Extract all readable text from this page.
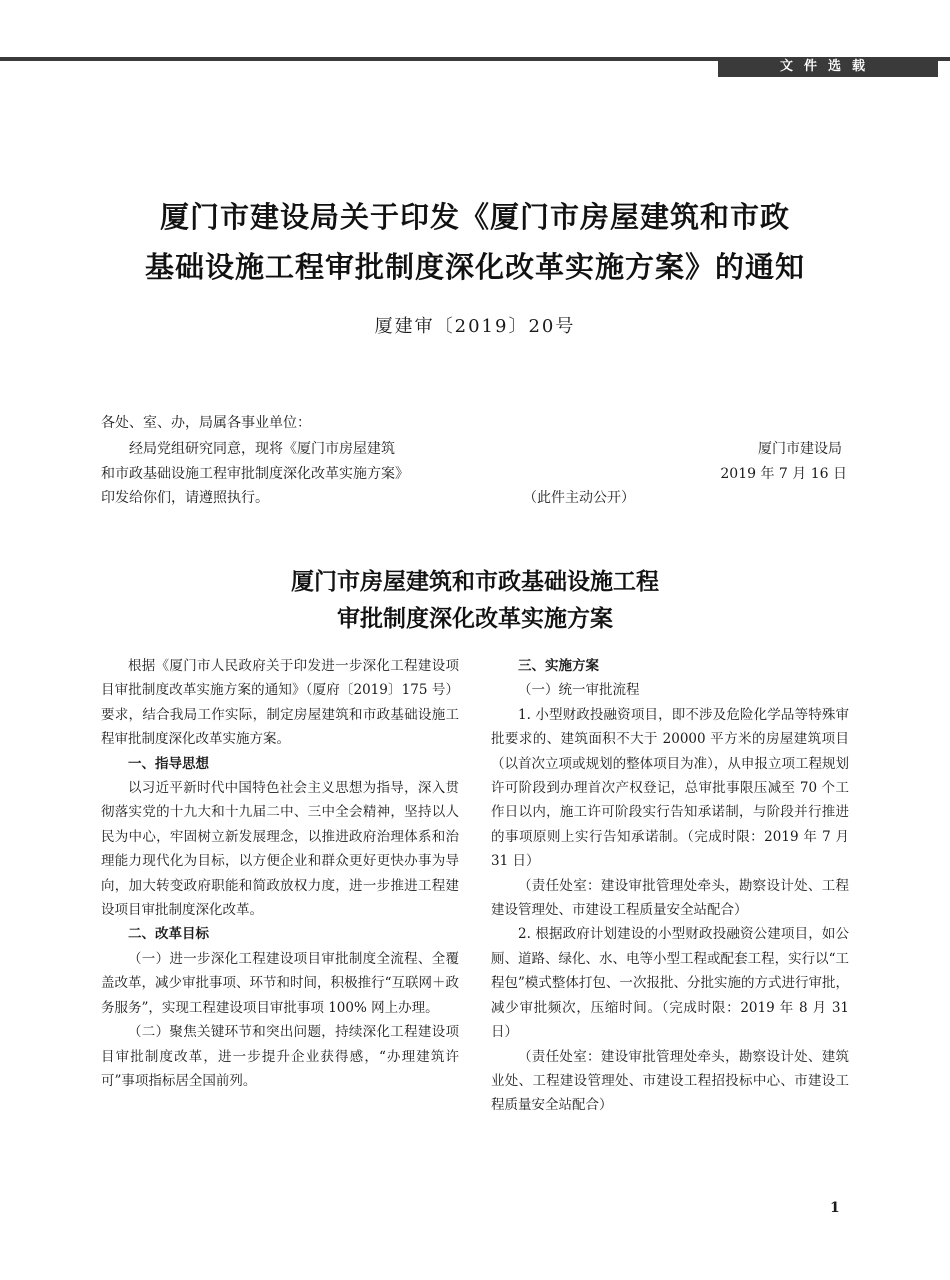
文件选载
厦门市建设局关于印发《厦门市房屋建筑和市政
基础设施工程审批制度深化改革实施方案》的通知
厦建审〔2019〕20号
各处、室、办，局属各事业单位：
经局党组研究同意，现将《厦门市房屋建筑
和市政基础设施工程审批制度深化改革实施方案》
印发给你们，请遵照执行。
厦门市建设局
2019 年 7 月 16 日
（此件主动公开）
厦门市房屋建筑和市政基础设施工程
审批制度深化改革实施方案

根据《厦门市人民政府关于印发进一步深化工程建设项目审批制度改革实施方案的通知》（厦府〔2019〕175 号）要求，结合我局工作实际，制定房屋建筑和市政基础设施工程审批制度深化改革实施方案。

一、指导思想

以习近平新时代中国特色社会主义思想为指导，深入贯彻落实党的十九大和十九届二中、三中全会精神，坚持以人民为中心，牢固树立新发展理念，以推进政府治理体系和治理能力现代化为目标，以方便企业和群众更好更快办事为导向，加大转变政府职能和简政放权力度，进一步推进工程建设项目审批制度深化改革。

二、改革目标

（一）进一步深化工程建设项目审批制度全流程、全覆盖改革，减少审批事项、环节和时间，积极推行“互联网＋政务服务”，实现工程建设项目审批事项 100% 网上办理。

（二）聚焦关键环节和突出问题，持续深化工程建设项目审批制度改革，进一步提升企业获得感，“办理建筑许可”事项指标居全国前列。

三、实施方案

（一）统一审批流程

1. 小型财政投融资项目，即不涉及危险化学品等特殊审批要求的、建筑面积不大于 20000 平方米的房屋建筑项目（以首次立项或规划的整体项目为准），从申报立项工程规划许可阶段到办理首次产权登记，总审批事限压减至 70 个工作日以内，施工许可阶段实行告知承诺制，与阶段并行推进的事项原则上实行告知承诺制。（完成时限：2019 年 7 月 31 日）

（责任处室：建设审批管理处牵头，勘察设计处、工程建设管理处、市建设工程质量安全站配合）

2. 根据政府计划建设的小型财政投融资公建项目，如公厕、道路、绿化、水、电等小型工程或配套工程，实行以“工程包”模式整体打包、一次报批、分批实施的方式进行审批，减少审批频次，压缩时间。（完成时限：2019 年 8 月 31 日）

（责任处室：建设审批管理处牵头，勘察设计处、建筑业处、工程建设管理处、市建设工程招投标中心、市建设工程质量安全站配合）

1
